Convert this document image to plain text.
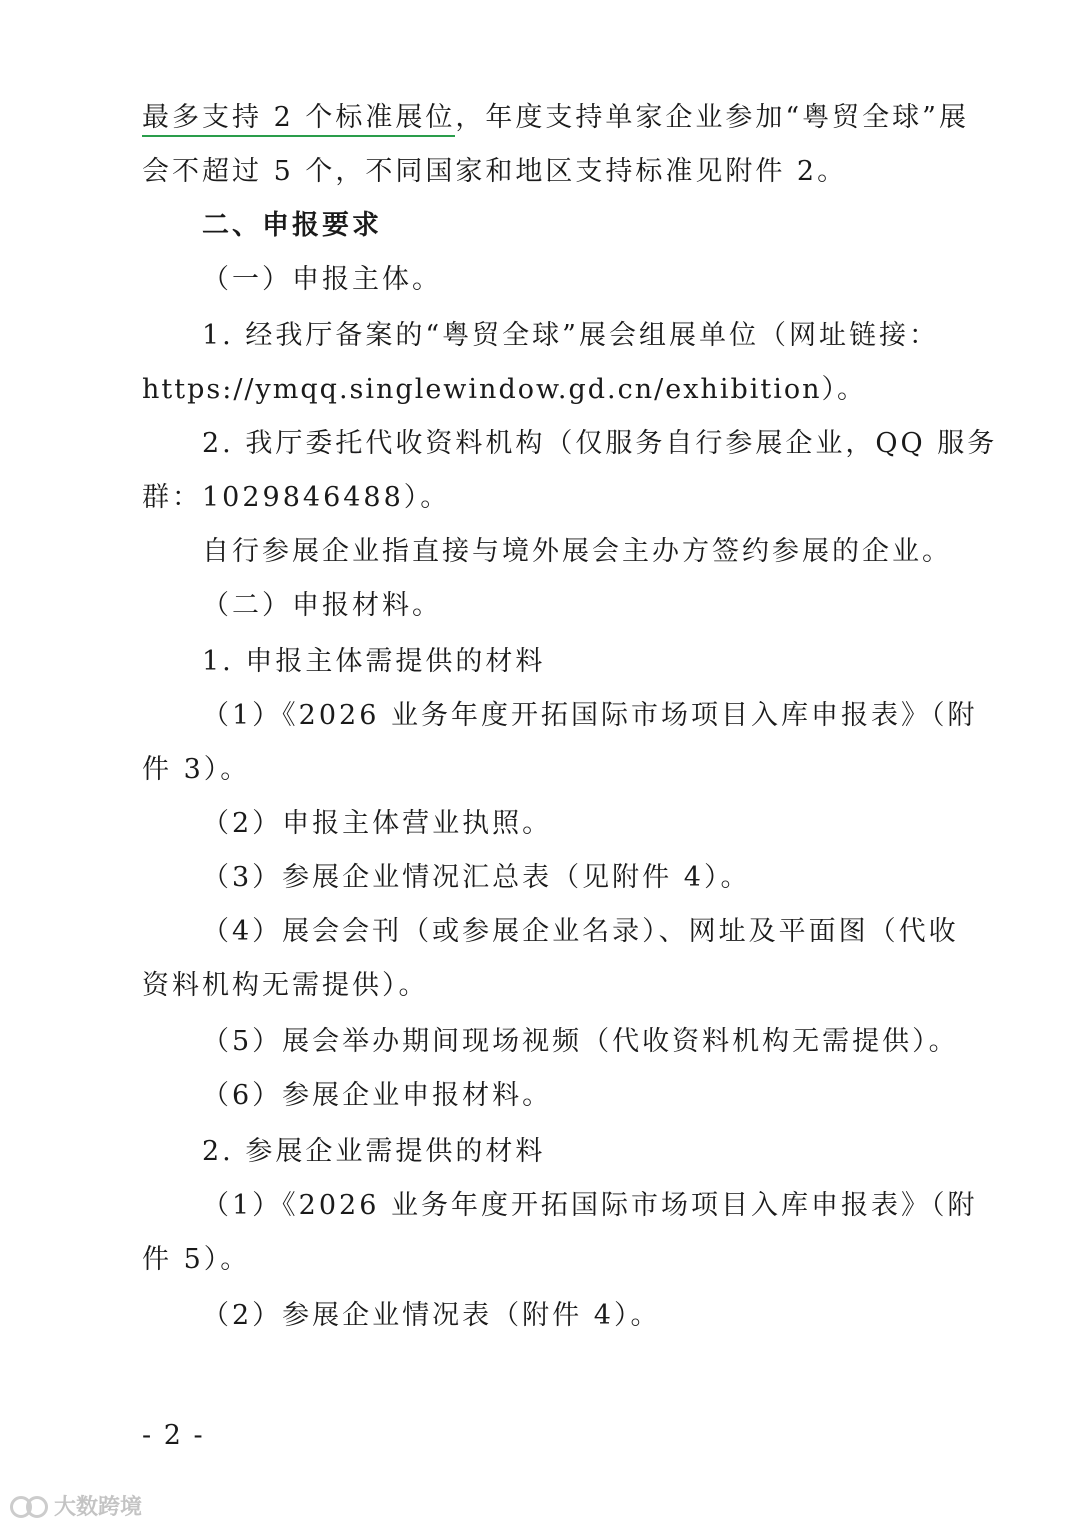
最多支持 2 个标准展位，年度支持单家企业参加“粤贸全球”展
会不超过 5 个，不同国家和地区支持标准见附件 2。
二、申报要求
（一）申报主体。
1. 经我厅备案的“粤贸全球”展会组展单位（网址链接：
https://ymqq.singlewindow.gd.cn/exhibition）。
2. 我厅委托代收资料机构（仅服务自行参展企业，QQ 服务
群：1029846488）。
自行参展企业指直接与境外展会主办方签约参展的企业。
（二）申报材料。
1. 申报主体需提供的材料
（1）《2026 业务年度开拓国际市场项目入库申报表》（附
件 3）。
（2）申报主体营业执照。
（3）参展企业情况汇总表（见附件 4）。
（4）展会会刊（或参展企业名录）、网址及平面图（代收
资料机构无需提供）。
（5）展会举办期间现场视频（代收资料机构无需提供）。
（6）参展企业申报材料。
2. 参展企业需提供的材料
（1）《2026 业务年度开拓国际市场项目入库申报表》（附
件 5）。
（2）参展企业情况表（附件 4）。
- 2 -
大数跨境
